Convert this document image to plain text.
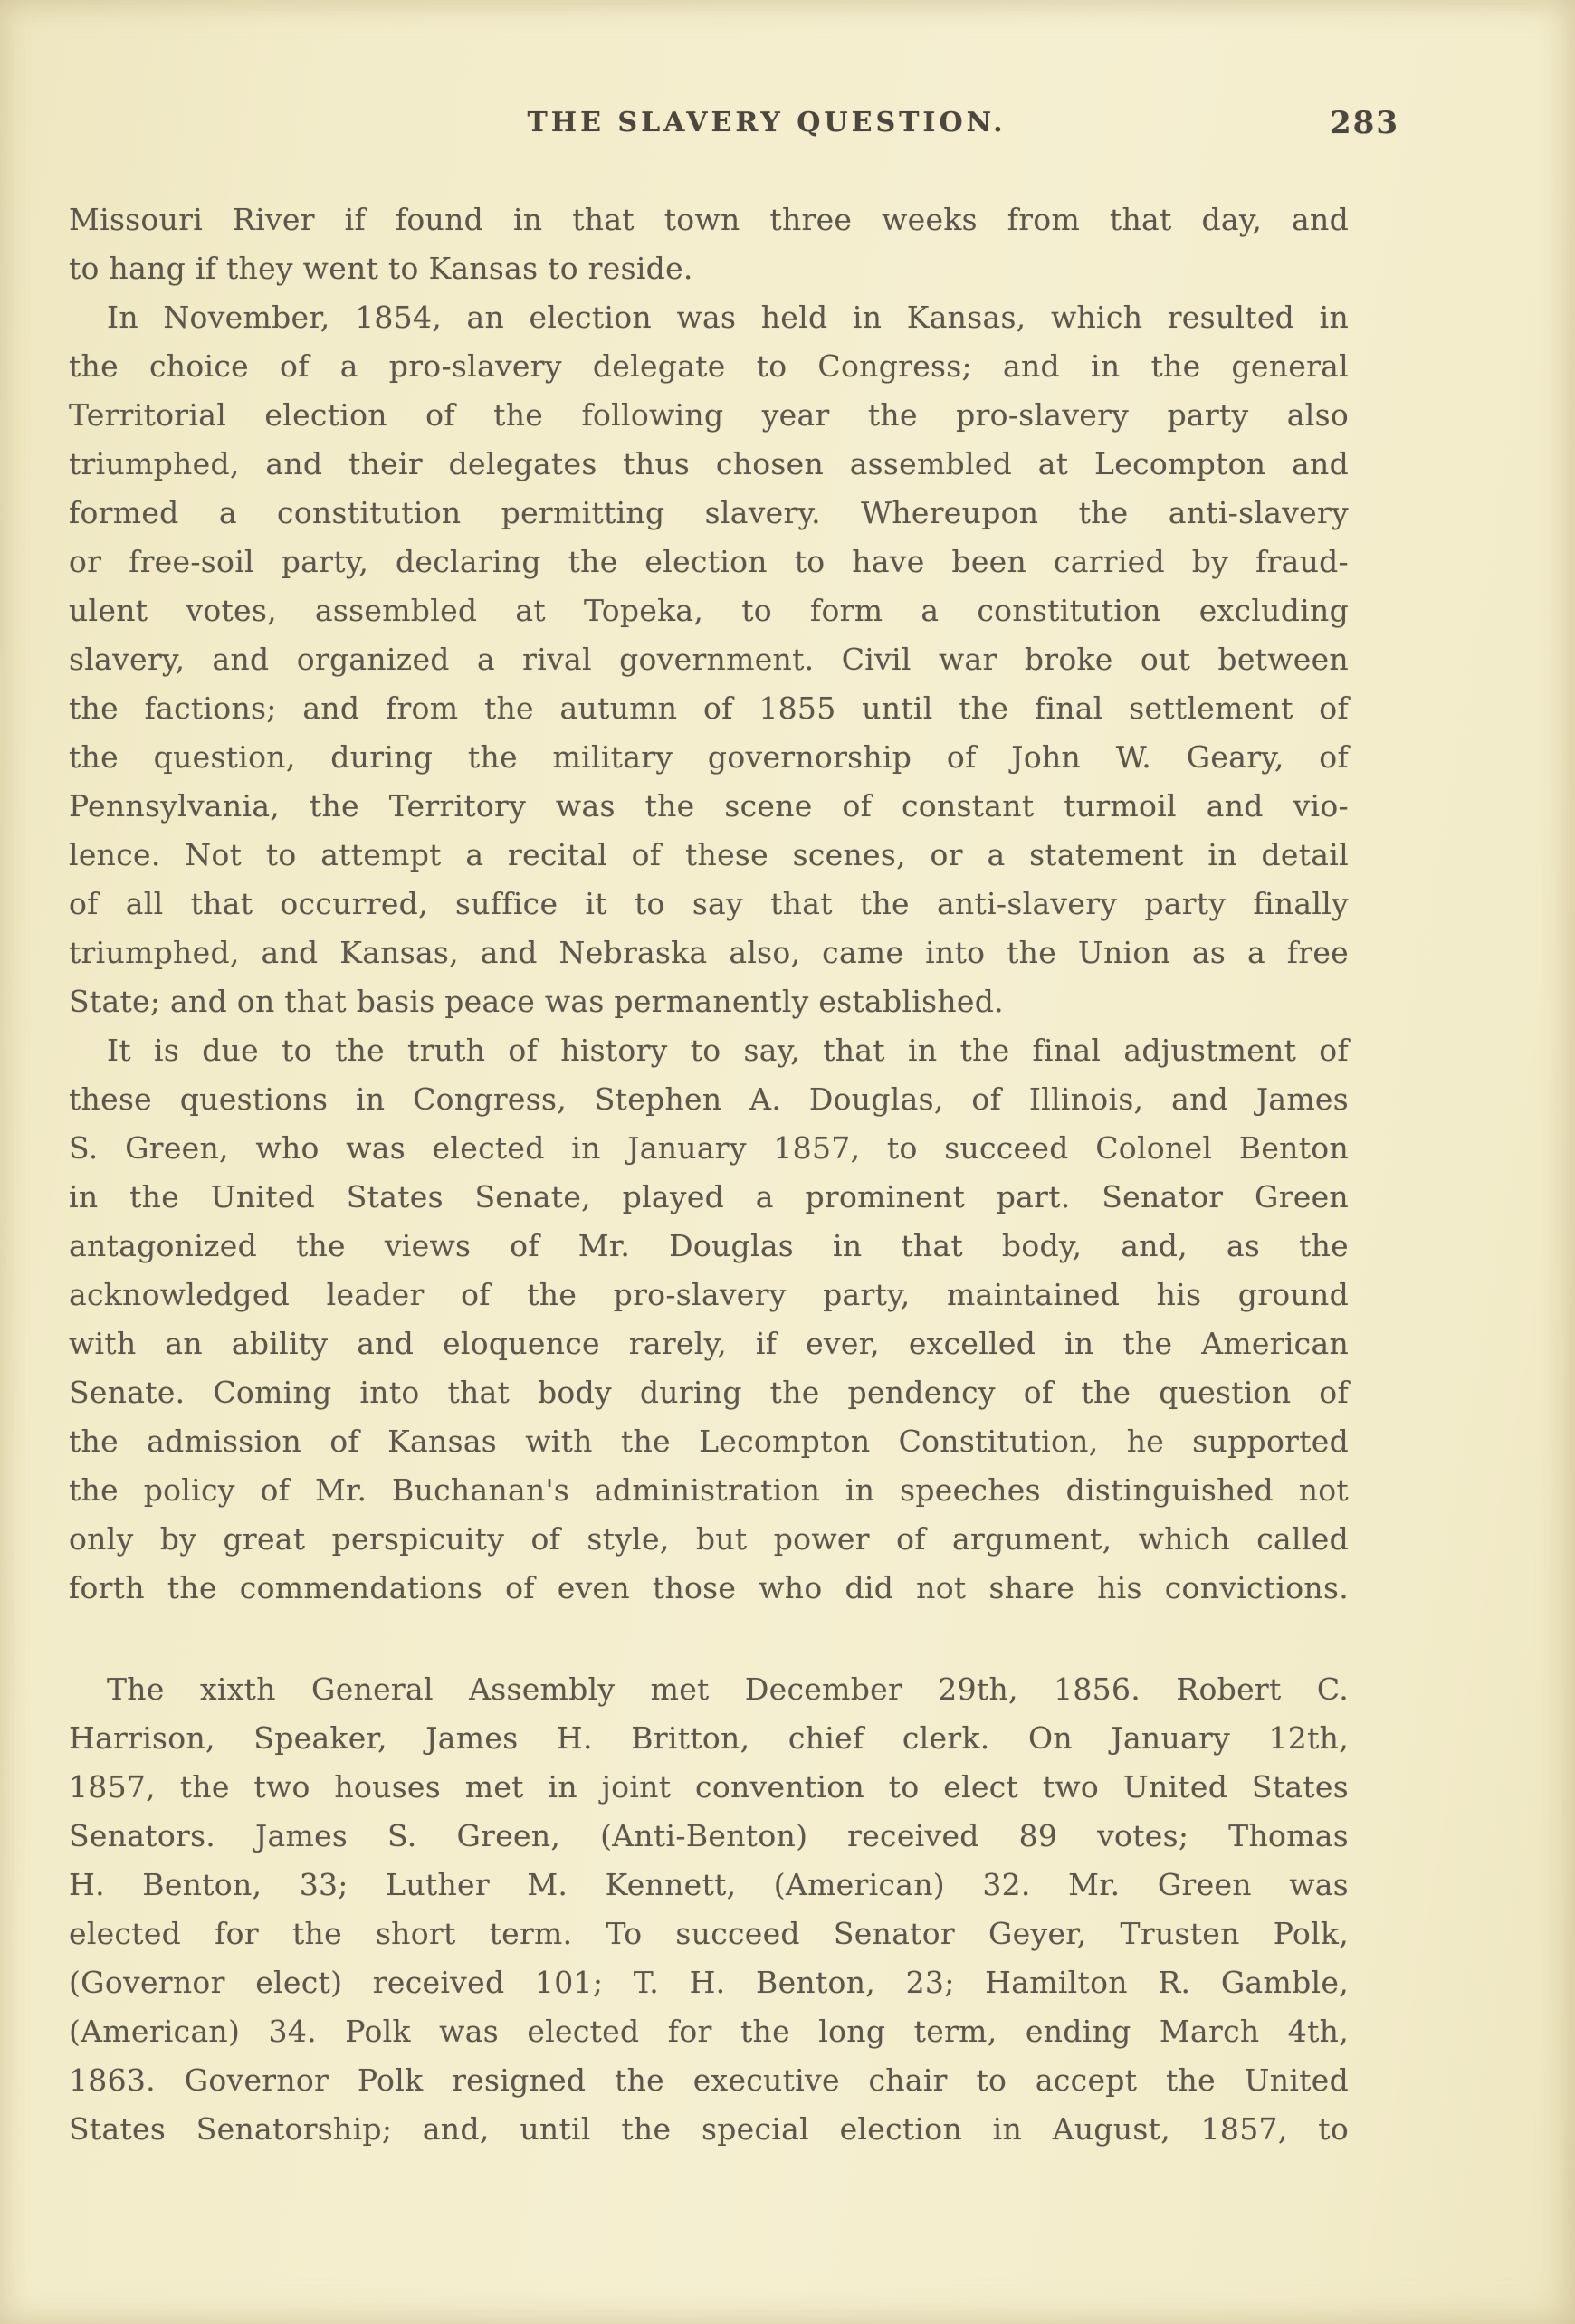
THE SLAVERY QUESTION.	283
Missouri River if found in that town three weeks from that day, and
to hang if they went to Kansas to reside.
In November, 1854, an election was held in Kansas, which resulted in
the choice of a pro-slavery delegate to Congress; and in the general
Territorial election of the following year the pro-slavery party also
triumphed, and their delegates thus chosen assembled at Lecompton and
formed a constitution permitting slavery. Whereupon the anti-slavery
or free-soil party, declaring the election to have been carried by fraud-
ulent votes, assembled at Topeka, to form a constitution excluding
slavery, and organized a rival government. Civil war broke out between
the factions; and from the autumn of 1855 until the final settlement of
the question, during the military governorship of John W. Geary, of
Pennsylvania, the Territory was the scene of constant turmoil and vio-
lence. Not to attempt a recital of these scenes, or a statement in detail
of all that occurred, suffice it to say that the anti-slavery party finally
triumphed, and Kansas, and Nebraska also, came into the Union as a free
State; and on that basis peace was permanently established.
It is due to the truth of history to say, that in the final adjustment of
these questions in Congress, Stephen A. Douglas, of Illinois, and James
S. Green, who was elected in January 1857, to succeed Colonel Benton
in the United States Senate, played a prominent part. Senator Green
antagonized the views of Mr. Douglas in that body, and, as the
acknowledged leader of the pro-slavery party, maintained his ground
with an ability and eloquence rarely, if ever, excelled in the American
Senate. Coming into that body during the pendency of the question of
the admission of Kansas with the Lecompton Constitution, he supported
the policy of Mr. Buchanan's administration in speeches distinguished not
only by great perspicuity of style, but power of argument, which called
forth the commendations of even those who did not share his convictions.
The xixth General Assembly met December 29th, 1856. Robert C.
Harrison, Speaker, James H. Britton, chief clerk. On January 12th,
1857, the two houses met in joint convention to elect two United States
Senators. James S. Green, (Anti-Benton) received 89 votes; Thomas
H. Benton, 33; Luther M. Kennett, (American) 32. Mr. Green was
elected for the short term. To succeed Senator Geyer, Trusten Polk,
(Governor elect) received 101; T. H. Benton, 23; Hamilton R. Gamble,
(American) 34. Polk was elected for the long term, ending March 4th,
1863. Governor Polk resigned the executive chair to accept the United
States Senatorship; and, until the special election in August, 1857, to
